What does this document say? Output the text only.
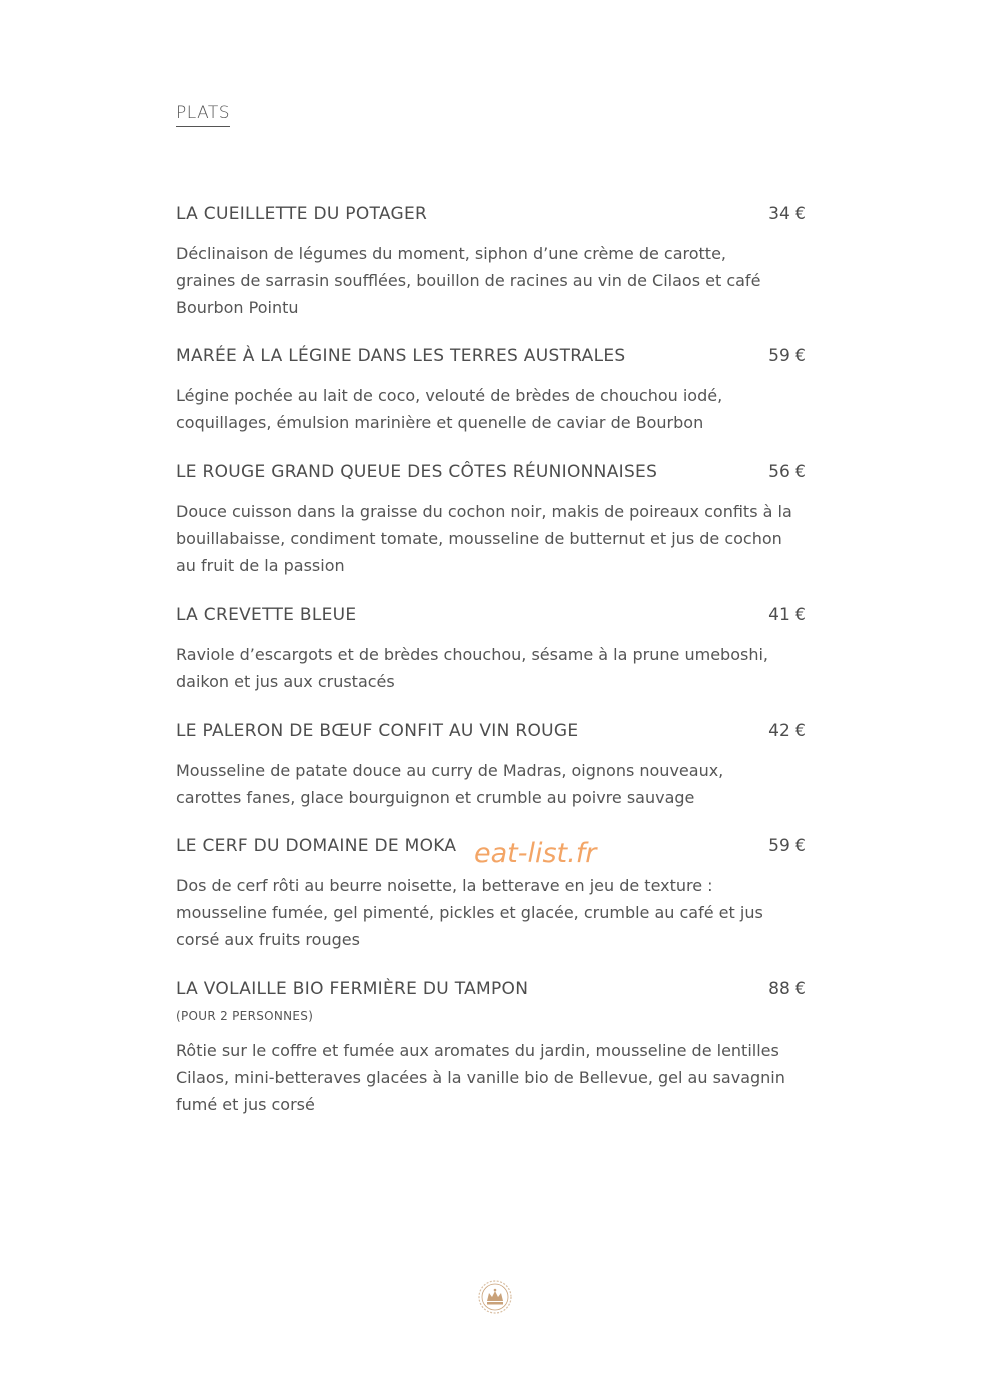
PLATS
LA CUEILLETTE DU POTAGER	34 €
Déclinaison de légumes du moment, siphon d’une crème de carotte,
graines de sarrasin soufflées, bouillon de racines au vin de Cilaos et café
Bourbon Pointu
MARÉE À LA LÉGINE DANS LES TERRES AUSTRALES	59 €
Légine pochée au lait de coco, velouté de brèdes de chouchou iodé,
coquillages, émulsion marinière et quenelle de caviar de Bourbon
LE ROUGE GRAND QUEUE DES CÔTES RÉUNIONNAISES	56 €
Douce cuisson dans la graisse du cochon noir, makis de poireaux confits à la
bouillabaisse, condiment tomate, mousseline de butternut et jus de cochon
au fruit de la passion
LA CREVETTE BLEUE	41 €
Raviole d’escargots et de brèdes chouchou, sésame à la prune umeboshi,
daikon et jus aux crustacés
LE PALERON DE BŒUF CONFIT AU VIN ROUGE	42 €
Mousseline de patate douce au curry de Madras, oignons nouveaux,
carottes fanes, glace bourguignon et crumble au poivre sauvage
LE CERF DU DOMAINE DE MOKA	59 €
Dos de cerf rôti au beurre noisette, la betterave en jeu de texture :
mousseline fumée, gel pimenté, pickles et glacée, crumble au café et jus
corsé aux fruits rouges
LA VOLAILLE BIO FERMIÈRE DU TAMPON	88 €
(POUR 2 PERSONNES)
Rôtie sur le coffre et fumée aux aromates du jardin, mousseline de lentilles
Cilaos, mini-betteraves glacées à la vanille bio de Bellevue, gel au savagnin
fumé et jus corsé
eat-list.fr
